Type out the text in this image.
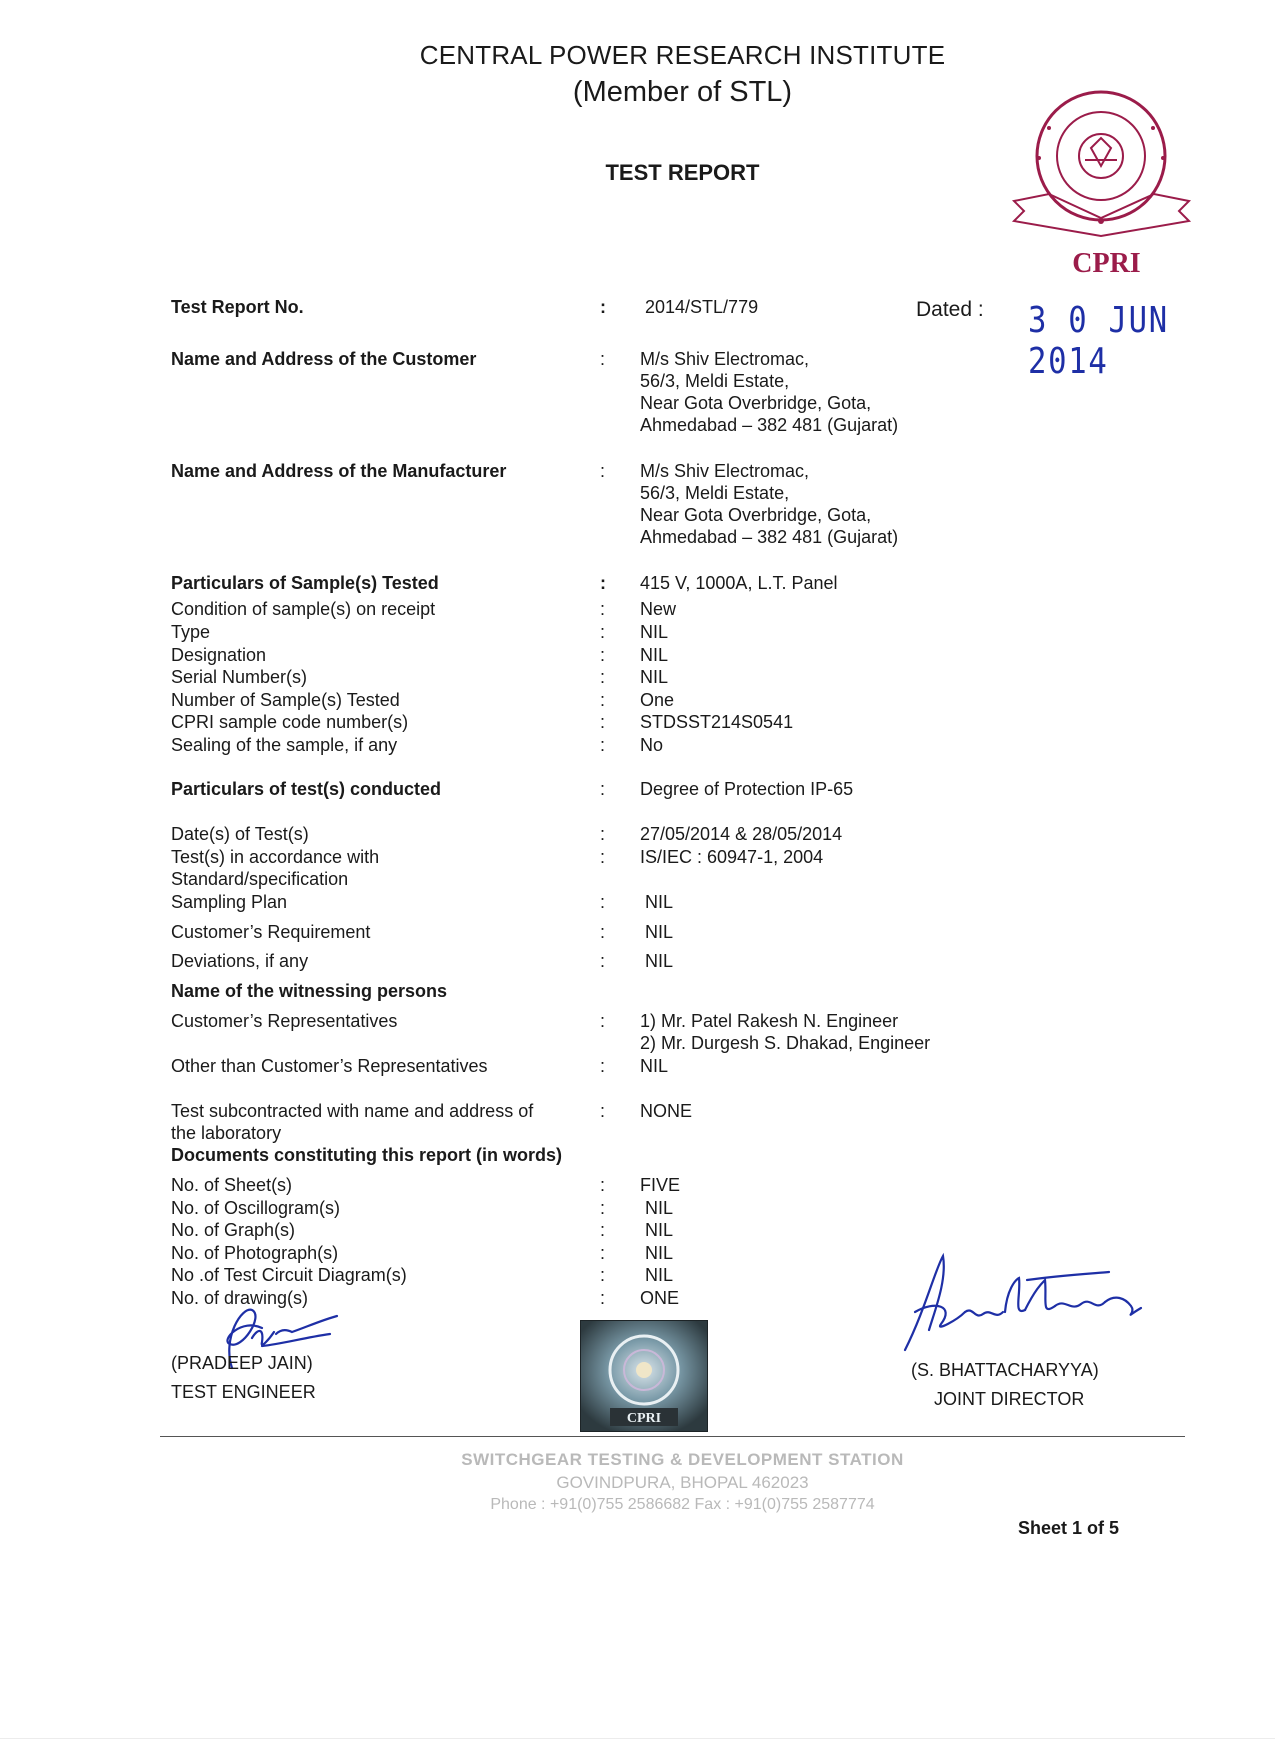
CENTRAL POWER RESEARCH INSTITUTE
(Member of STL)
TEST REPORT
CPRI
Test Report No.	: 2014/STL/779	Dated : 3 0 JUN 2014
Name and Address of the Customer	: M/s Shiv Electromac,
56/3, Meldi Estate,
Near Gota Overbridge, Gota,
Ahmedabad – 382 481 (Gujarat)
Name and Address of the Manufacturer	: M/s Shiv Electromac,
56/3, Meldi Estate,
Near Gota Overbridge, Gota,
Ahmedabad – 382 481 (Gujarat)
Particulars of Sample(s) Tested	: 415 V, 1000A, L.T. Panel
Condition of sample(s) on receipt	: New
Type	: NIL
Designation	: NIL
Serial Number(s)	: NIL
Number of Sample(s) Tested	: One
CPRI sample code number(s)	: STDSST214S0541
Sealing of the sample, if any	: No
Particulars of test(s) conducted	: Degree of Protection IP-65
Date(s) of Test(s)	: 27/05/2014 & 28/05/2014
Test(s) in accordance with
Standard/specification
: IS/IEC : 60947-1, 2004
Sampling Plan	: NIL
Customer’s Requirement	: NIL
Deviations, if any	: NIL
Name of the witnessing persons
Customer’s Representatives	: 1) Mr. Patel Rakesh N. Engineer
2) Mr. Durgesh S. Dhakad, Engineer
Other than Customer’s Representatives	: NIL
Test subcontracted with name and address of
the laboratory
: NONE
Documents constituting this report (in words)
No. of Sheet(s)	: FIVE
No. of Oscillogram(s)	: NIL
No. of Graph(s)	: NIL
No. of Photograph(s)	: NIL
No .of Test Circuit Diagram(s)	: NIL
No. of drawing(s)	: ONE
CPRI
(PRADEEP JAIN)
TEST ENGINEER
(S. BHATTACHARYYA)
JOINT DIRECTOR
SWITCHGEAR TESTING & DEVELOPMENT STATION
GOVINDPURA, BHOPAL 462023
Phone : +91(0)755 2586682 Fax : +91(0)755 2587774
Sheet 1 of 5
